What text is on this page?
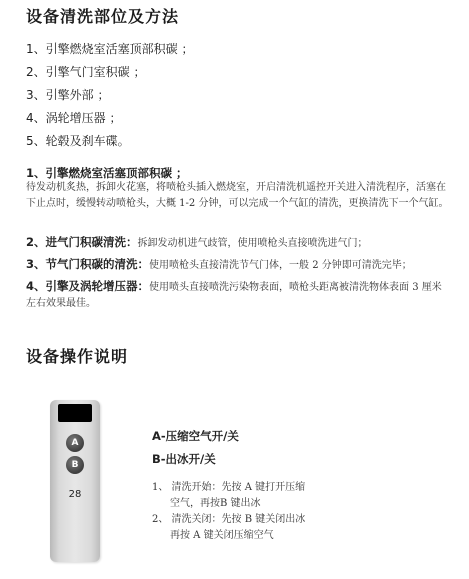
设备清洗部位及方法
1、引擎燃烧室活塞顶部积碳 ；
2、引擎气门室积碳 ；
3、引擎外部 ；
4、涡轮增压器 ；
5、轮毂及刹车碟。
1、引擎燃烧室活塞顶部积碳 ；
待发动机炙热，拆卸火花塞，将喷枪头插入燃烧室，开启清洗机遥控开关进入清洗程序，活塞在下止点时，缓慢转动喷枪头，大概 1-2 分钟，可以完成一个气缸的清洗，更换清洗下一个气缸。
2、进气门积碳清洗：拆卸发动机进气歧管，使用喷枪头直接喷洗进气门；
3、节气门积碳的清洗：使用喷枪头直接清洗节气门体，一般 2 分钟即可清洗完毕；
4、引擎及涡轮增压器：使用喷头直接喷洗污染物表面，喷枪头距离被清洗物体表面 3 厘米左右效果最佳。
设备操作说明
A
B
28
A-压缩空气开/关
B-出冰开/关
1、 清洗开始：先按 A 键打开压缩
空气，再按B 键出冰
2、 清洗关闭：先按 B 键关闭出冰
再按 A 键关闭压缩空气
